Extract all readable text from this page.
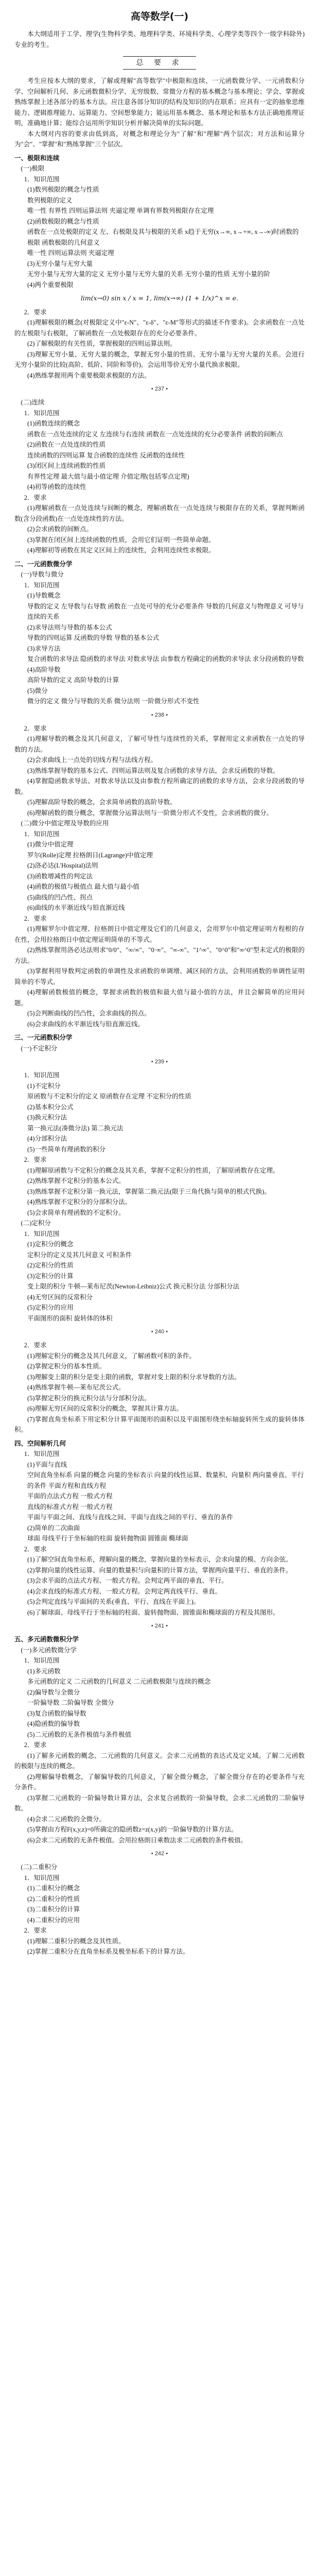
高等数学(一)

本大纲适用于工学、理学(生物科学类、地理科学类、环境科学类、心理学类等四个一级学科除外)专业的考生。

总 要 求

考生应按本大纲的要求，了解或理解"高等数学"中极限和连续、一元函数微分学、一元函数积分学、空间解析几何、多元函数微积分学、无穷级数、常微分方程的基本概念与基本理论；学会、掌握或熟练掌握上述各部分的基本方法。应注意各部分知识的结构及知识的内在联系；应具有一定的抽象思维能力、逻辑推理能力、运算能力、空间想象能力；能运用基本概念、基本理论和基本方法正确地推理证明，准确地计算；能综合运用所学知识分析并解决简单的实际问题。

本大纲对内容的要求由低到高，对概念和理论分为"了解"和"理解"两个层次；对方法和运算分为"会"、"掌握"和"熟练掌握"三个层次。

一、极限和连续

(一)极限

1．知识范围

(1)数列极限的概念与性质

数列极限的定义

唯一性 有界性 四则运算法则 夹逼定理 单调有界数列极限存在定理

(2)函数极限的概念与性质

函数在一点处极限的定义 左、右极限及其与极限的关系 x趋于无穷(x→∞, x→+∞, x→-∞)时函数的极限 函数极限的几何意义

唯一性 四则运算法则 夹逼定理

(3)无穷小量与无穷大量

无穷小量与无穷大量的定义 无穷小量与无穷大量的关系 无穷小量的性质 无穷小量的阶

(4)两个重要极限

lim(x→0) sin x / x = 1, lim(x→∞) (1 + 1/x)^x = e.

2．要求

(1)理解极限的概念(对极限定义中"ε-N"、"ε-δ"、"ε-M"等形式的描述不作要求)。会求函数在一点处的左极限与右极限，了解函数在一点处极限存在的充分必要条件。

(2)了解极限的有关性质，掌握极限的四则运算法则。

(3)理解无穷小量、无穷大量的概念，掌握无穷小量的性质、无穷小量与无穷大量的关系。会进行无穷小量阶的比较(高阶、低阶、同阶和等价)。会运用等价无穷小量代换求极限。

(4)熟练掌握用两个重要极限求极限的方法。

• 237 •

(二)连续

1．知识范围

(1)函数连续的概念

函数在一点处连续的定义 左连续与右连续 函数在一点处连续的充分必要条件 函数的间断点

(2)函数在一点处连续的性质

连续函数的四则运算 复合函数的连续性 反函数的连续性

(3)闭区间上连续函数的性质

有界性定理 最大值与最小值定理 介值定理(包括零点定理)

(4)初等函数的连续性

2．要求

(1)理解函数在一点处连续与间断的概念，理解函数在一点处连续与极限存在的关系，掌握判断函数(含分段函数)在一点处连续性的方法。

(2)会求函数的间断点。

(3)掌握在闭区间上连续函数的性质，会用它们证明一些简单命题。

(4)理解初等函数在其定义区间上的连续性，会利用连续性求极限。

二、一元函数微分学

(一)导数与微分

1．知识范围

(1)导数概念

导数的定义 左导数与右导数 函数在一点处可导的充分必要条件 导数的几何意义与物理意义 可导与连续的关系

(2)求导法则与导数的基本公式

导数的四则运算 反函数的导数 导数的基本公式

(3)求导方法

复合函数的求导法 隐函数的求导法 对数求导法 由参数方程确定的函数的求导法 求分段函数的导数

(4)高阶导数

高阶导数的定义 高阶导数的计算

(5)微分

微分的定义 微分与导数的关系 微分法则 一阶微分形式不变性

• 238 •

2．要求

(1)理解导数的概念及其几何意义，了解可导性与连续性的关系，掌握用定义求函数在一点处的导数的方法。

(2)会求曲线上一点处的切线方程与法线方程。

(3)熟练掌握导数的基本公式、四则运算法则及复合函数的求导方法，会求反函数的导数。

(4)掌握隐函数求导法、对数求导法以及由参数方程所确定的函数的求导方法，会求分段函数的导数。

(5)理解高阶导数的概念，会求简单函数的高阶导数。

(6)理解函数的微分概念，掌握微分运算法则与一阶微分形式不变性，会求函数的微分。

(二)微分中值定理及导数的应用

1．知识范围

(1)微分中值定理

罗尔(Rolle)定理 拉格朗日(Lagrange)中值定理

(2)洛必达(L'Hospital)法则

(3)函数增减性的判定法

(4)函数的极值与极值点 最大值与最小值

(5)曲线的凹凸性、拐点

(6)曲线的水平渐近线与铅直渐近线

2．要求

(1)理解罗尔中值定理、拉格朗日中值定理及它们的几何意义，会用罗尔中值定理证明方程根的存在性，会用拉格朗日中值定理证明简单的不等式。

(2)熟练掌握用洛必达法则求"0/0"、"∞/∞"、"0·∞"、"∞-∞"、"1^∞"、"0^0"和"∞^0"型未定式的极限的方法。

(3)掌握利用导数判定函数的单调性及求函数的单调增、减区间的方法，会利用函数的单调性证明简单的不等式。

(4)理解函数极值的概念，掌握求函数的极值和最大值与最小值的方法，并且会解简单的应用问题。

(5)会判断曲线的凹凸性，会求曲线的拐点。

(6)会求曲线的水平渐近线与铅直渐近线。

三、一元函数积分学

(一)不定积分

• 239 •

1．知识范围

(1)不定积分

原函数与不定积分的定义 原函数存在定理 不定积分的性质

(2)基本积分公式

(3)换元积分法

第一换元法(凑微分法) 第二换元法

(4)分部积分法

(5)一些简单有理函数的积分

2．要求

(1)理解原函数与不定积分的概念及其关系，掌握不定积分的性质，了解原函数存在定理。

(2)熟练掌握不定积分的基本公式。

(3)熟练掌握不定积分第一换元法，掌握第二换元法(限于三角代换与简单的根式代换)。

(4)熟练掌握不定积分的分部积分法。

(5)会求简单有理函数的不定积分。

(二)定积分

1．知识范围

(1)定积分的概念

定积分的定义及其几何意义 可积条件

(2)定积分的性质

(3)定积分的计算

变上限的积分 牛顿—莱布尼茨(Newton-Leibniz)公式 换元积分法 分部积分法

(4)无穷区间的反常积分

(5)定积分的应用

平面图形的面积 旋转体的体积

• 240 •

2．要求

(1)理解定积分的概念及其几何意义，了解函数可积的条件。

(2)掌握定积分的基本性质。

(3)理解变上限的积分是变上限的函数，掌握对变上限的积分求导数的方法。

(4)熟练掌握牛顿—莱布尼茨公式。

(5)掌握定积分的换元积分法与分部积分法。

(6)理解无穷区间的反常积分的概念，掌握其计算方法。

(7)掌握直角坐标系下用定积分计算平面图形的面积以及平面图形绕坐标轴旋转所生成的旋转体体积。

四、空间解析几何

1．知识范围

(1)平面与直线

空间直角坐标系 向量的概念 向量的坐标表示 向量的线性运算、数量积、向量积 两向量垂直、平行的条件 平面方程和直线方程

平面的点法式方程 一般式方程

直线的标准式方程 一般式方程

平面与平面之间、直线与直线之间、平面与直线之间的平行、垂直的条件

(2)简单的二次曲面

球面 母线平行于坐标轴的柱面 旋转抛物面 圆锥面 椭球面

2．要求

(1)了解空间直角坐标系，理解向量的概念，掌握向量的坐标表示，会求向量的模、方向余弦。

(2)掌握向量的线性运算、向量的数量积与向量积的计算方法，掌握两向量平行、垂直的条件。

(3)会求平面的点法式方程、一般式方程。会判定两平面的垂直、平行。

(4)会求直线的标准式方程、一般式方程。会判定两直线平行、垂直。

(5)会判定直线与平面间的关系(垂直、平行、直线在平面上)。

(6)了解球面、母线平行于坐标轴的柱面、旋转抛物面、圆锥面和椭球面的方程及其图形。

• 241 •

五、多元函数微积分学

(一)多元函数微分学

1．知识范围

(1)多元函数

多元函数的定义 二元函数的几何意义 二元函数极限与连续的概念

(2)偏导数与全微分

一阶偏导数 二阶偏导数 全微分

(3)复合函数的偏导数

(4)隐函数的偏导数

(5)二元函数的无条件极值与条件极值

2．要求

(1)了解多元函数的概念、二元函数的几何意义。会求二元函数的表达式及定义域。了解二元函数的极限与连续的概念。

(2)理解偏导数概念，了解偏导数的几何意义，了解全微分概念，了解全微分存在的必要条件与充分条件。

(3)掌握二元函数的一阶偏导数计算方法，会求复合函数的一阶偏导数，会求二元函数的二阶偏导数。

(4)会求二元函数的全微分。

(5)掌握由方程F(x,y,z)=0所确定的隐函数z=z(x,y)的一阶偏导数的计算方法。

(6)会求二元函数的无条件极值。会用拉格朗日乘数法求二元函数的条件极值。

• 242 •

(二)二重积分

1．知识范围

(1)二重积分的概念

(2)二重积分的性质

(3)二重积分的计算

(4)二重积分的应用

2．要求

(1)理解二重积分的概念及其性质。

(2)掌握二重积分在直角坐标系及极坐标系下的计算方法。
